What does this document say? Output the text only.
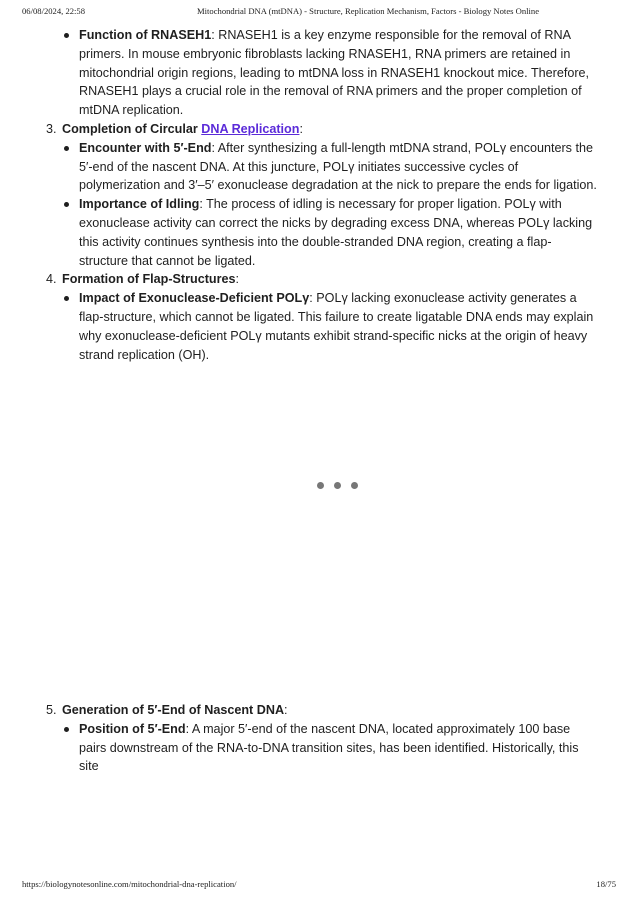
06/08/2024, 22:58	Mitochondrial DNA (mtDNA) - Structure, Replication Mechanism, Factors - Biology Notes Online
Function of RNASEH1: RNASEH1 is a key enzyme responsible for the removal of RNA primers. In mouse embryonic fibroblasts lacking RNASEH1, RNA primers are retained in mitochondrial origin regions, leading to mtDNA loss in RNASEH1 knockout mice. Therefore, RNASEH1 plays a crucial role in the removal of RNA primers and the proper completion of mtDNA replication.
3. Completion of Circular DNA Replication:
Encounter with 5′-End: After synthesizing a full-length mtDNA strand, POLγ encounters the 5′-end of the nascent DNA. At this juncture, POLγ initiates successive cycles of polymerization and 3′–5′ exonuclease degradation at the nick to prepare the ends for ligation.
Importance of Idling: The process of idling is necessary for proper ligation. POLγ with exonuclease activity can correct the nicks by degrading excess DNA, whereas POLγ lacking this activity continues synthesis into the double-stranded DNA region, creating a flap-structure that cannot be ligated.
4. Formation of Flap-Structures:
Impact of Exonuclease-Deficient POLγ: POLγ lacking exonuclease activity generates a flap-structure, which cannot be ligated. This failure to create ligatable DNA ends may explain why exonuclease-deficient POLγ mutants exhibit strand-specific nicks at the origin of heavy strand replication (OH).
5. Generation of 5′-End of Nascent DNA:
Position of 5′-End: A major 5′-end of the nascent DNA, located approximately 100 base pairs downstream of the RNA-to-DNA transition sites, has been identified. Historically, this site
https://biologynotesonline.com/mitochondrial-dna-replication/	18/75
